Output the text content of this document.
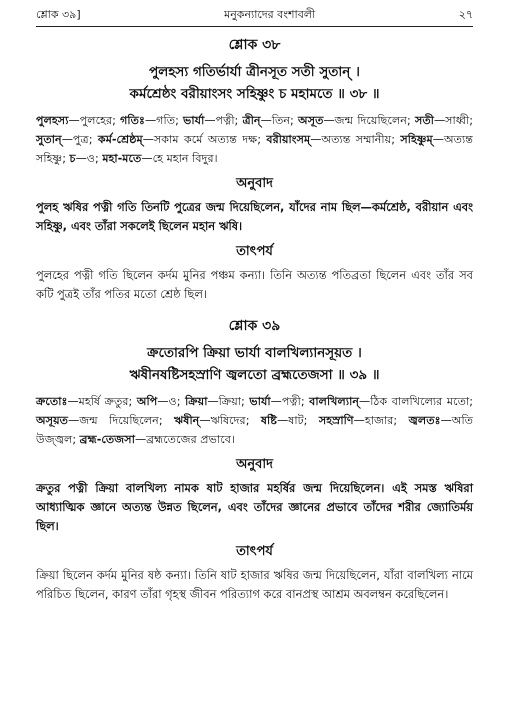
শ্লোক ৩৯]	মনুকন্যাদের বংশাবলী	২৭
শ্লোক ৩৮
পুলহস্য গতির্ভার্যা ত্রীনসূত সতী সুতান্ ।
কর্মশ্রেষ্ঠং বরীয়াংসং সহিষ্ণুং চ মহামতে ॥ ৩৮ ॥
পুলহস্য—পুলহের; গতিঃ—গতি; ভার্যা—পত্নী; ত্রীন্—তিন; অসূত—জন্ম দিয়েছিলেন; সতী—সাধ্বী; সুতান্—পুত্র; কর্ম-শ্রেষ্ঠম্—সকাম কর্মে অত্যন্ত দক্ষ; বরীয়াংসম্—অত্যন্ত সম্মানীয়; সহিষ্ণুম্—অত্যন্ত সহিষ্ণু; চ—ও; মহা-মতে—হে মহান বিদুর।
অনুবাদ
পুলহ ঋষির পত্নী গতি তিনটি পুত্রের জন্ম দিয়েছিলেন, যাঁদের নাম ছিল—কর্মশ্রেষ্ঠ, বরীয়ান এবং সহিষ্ণু, এবং তাঁরা সকলেই ছিলেন মহান ঋষি।
তাৎপর্য
পুলহের পত্নী গতি ছিলেন কর্দম মুনির পঞ্চম কন্যা। তিনি অত্যন্ত পতিব্রতা ছিলেন এবং তাঁর সব কটি পুত্রই তাঁর পতির মতো শ্রেষ্ঠ ছিল।
শ্লোক ৩৯
ক্রতোরপি ক্রিয়া ভার্যা বালখিল্যানসূয়ত ।
ঋষীনষষ্টিসহস্রাণি জ্বলতো ব্রহ্মতেজসা ॥ ৩৯ ॥
ক্রতোঃ—মহর্ষি ক্রতুর; অপি—ও; ক্রিয়া—ক্রিয়া; ভার্যা—পত্নী; বালখিল্যান্—ঠিক বালখিল্যের মতো; অসূয়ত—জন্ম দিয়েছিলেন; ঋষীন্—ঋষিদের; ষষ্টি—ষাট; সহস্রাণি—হাজার; জ্বলতঃ—অতি উজ্জ্বল; ব্রহ্ম-তেজসা—ব্রহ্মতেজের প্রভাবে।
অনুবাদ
ক্রতুর পত্নী ক্রিয়া বালখিল্য নামক ষাট হাজার মহর্ষির জন্ম দিয়েছিলেন। এই সমস্ত ঋষিরা আধ্যাত্মিক জ্ঞানে অত্যন্ত উন্নত ছিলেন, এবং তাঁদের জ্ঞানের প্রভাবে তাঁদের শরীর জ্যোতির্ময় ছিল।
তাৎপর্য
ক্রিয়া ছিলেন কর্দম মুনির ষষ্ঠ কন্যা। তিনি ষাট হাজার ঋষির জন্ম দিয়েছিলেন, যাঁরা বালখিল্য নামে পরিচিত ছিলেন, কারণ তাঁরা গৃহস্থ জীবন পরিত্যাগ করে বানপ্রস্থ আশ্রম অবলম্বন করেছিলেন।
